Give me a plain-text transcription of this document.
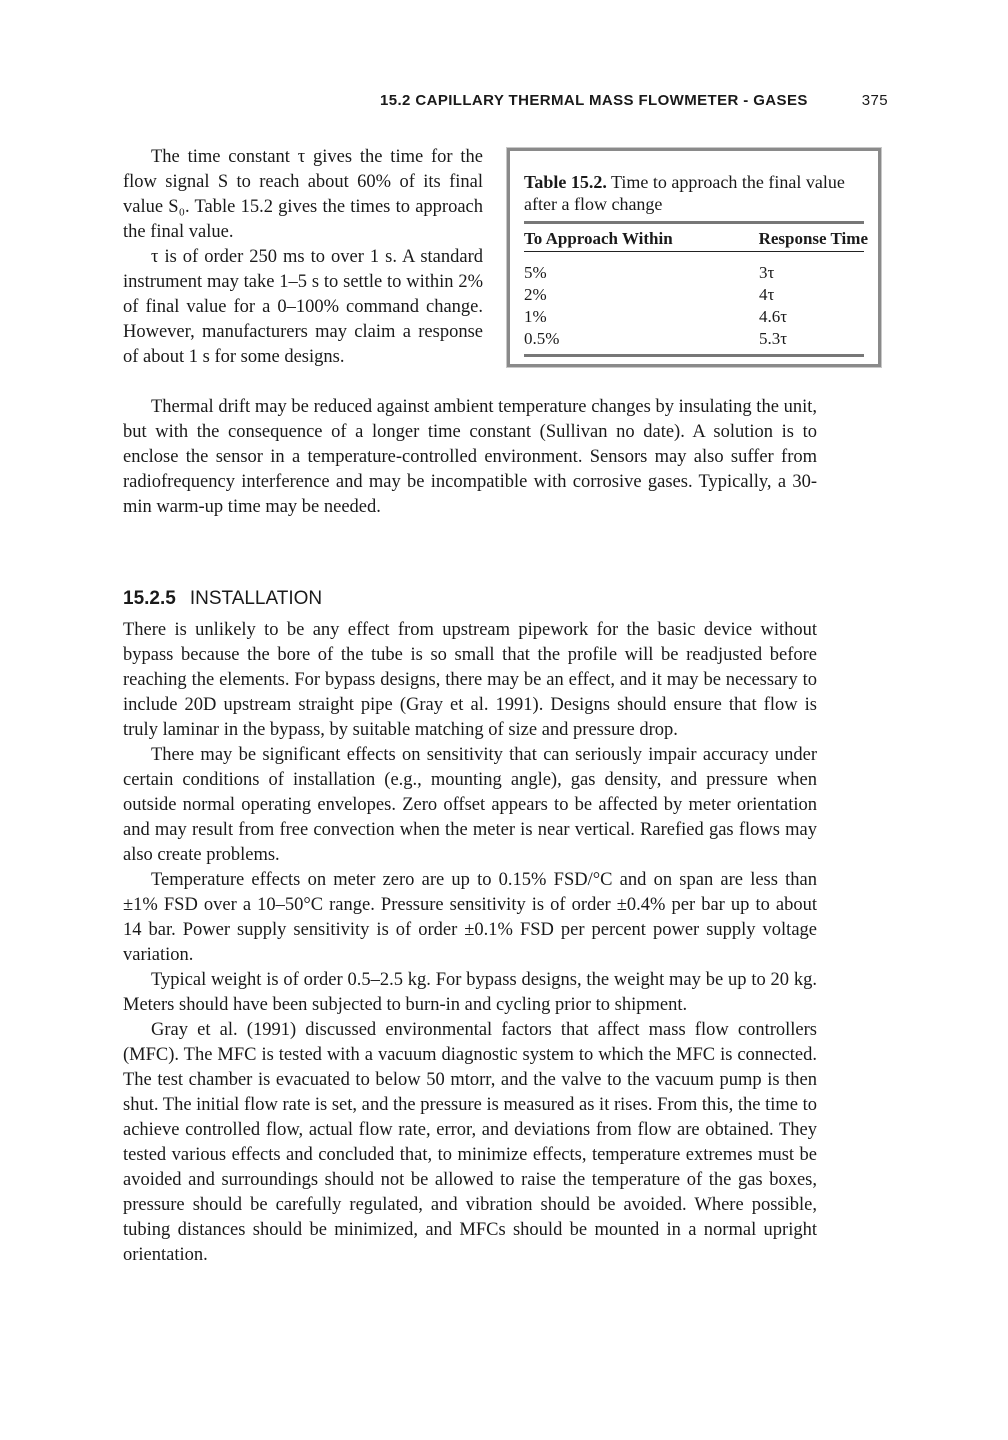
15.2 CAPILLARY THERMAL MASS FLOWMETER - GASES	375

The time constant τ gives the time for the flow signal S to reach about 60% of its final value S₀. Table 15.2 gives the times to approach the final value.

τ is of order 250 ms to over 1 s. A standard instrument may take 1–5 s to settle to within 2% of final value for a 0–100% command change. However, manufacturers may claim a response of about 1 s for some designs.

Table 15.2. Time to approach the final value after a flow change
To Approach Within	Response Time
5%	3τ
2%	4τ
1%	4.6τ
0.5%	5.3τ

Thermal drift may be reduced against ambient temperature changes by insulating the unit, but with the consequence of a longer time constant (Sullivan no date). A solution is to enclose the sensor in a temperature-controlled environment. Sensors may also suffer from radiofrequency interference and may be incompatible with corrosive gases. Typically, a 30-min warm-up time may be needed.

15.2.5 INSTALLATION

There is unlikely to be any effect from upstream pipework for the basic device without bypass because the bore of the tube is so small that the profile will be readjusted before reaching the elements. For bypass designs, there may be an effect, and it may be necessary to include 20D upstream straight pipe (Gray et al. 1991). Designs should ensure that flow is truly laminar in the bypass, by suitable matching of size and pressure drop.

There may be significant effects on sensitivity that can seriously impair accuracy under certain conditions of installation (e.g., mounting angle), gas density, and pressure when outside normal operating envelopes. Zero offset appears to be affected by meter orientation and may result from free convection when the meter is near vertical. Rarefied gas flows may also create problems.

Temperature effects on meter zero are up to 0.15% FSD/°C and on span are less than ±1% FSD over a 10–50°C range. Pressure sensitivity is of order ±0.4% per bar up to about 14 bar. Power supply sensitivity is of order ±0.1% FSD per percent power supply voltage variation.

Typical weight is of order 0.5–2.5 kg. For bypass designs, the weight may be up to 20 kg. Meters should have been subjected to burn-in and cycling prior to shipment.

Gray et al. (1991) discussed environmental factors that affect mass flow controllers (MFC). The MFC is tested with a vacuum diagnostic system to which the MFC is connected. The test chamber is evacuated to below 50 mtorr, and the valve to the vacuum pump is then shut. The initial flow rate is set, and the pressure is measured as it rises. From this, the time to achieve controlled flow, actual flow rate, error, and deviations from flow are obtained. They tested various effects and concluded that, to minimize effects, temperature extremes must be avoided and surroundings should not be allowed to raise the temperature of the gas boxes, pressure should be carefully regulated, and vibration should be avoided. Where possible, tubing distances should be minimized, and MFCs should be mounted in a normal upright orientation.
